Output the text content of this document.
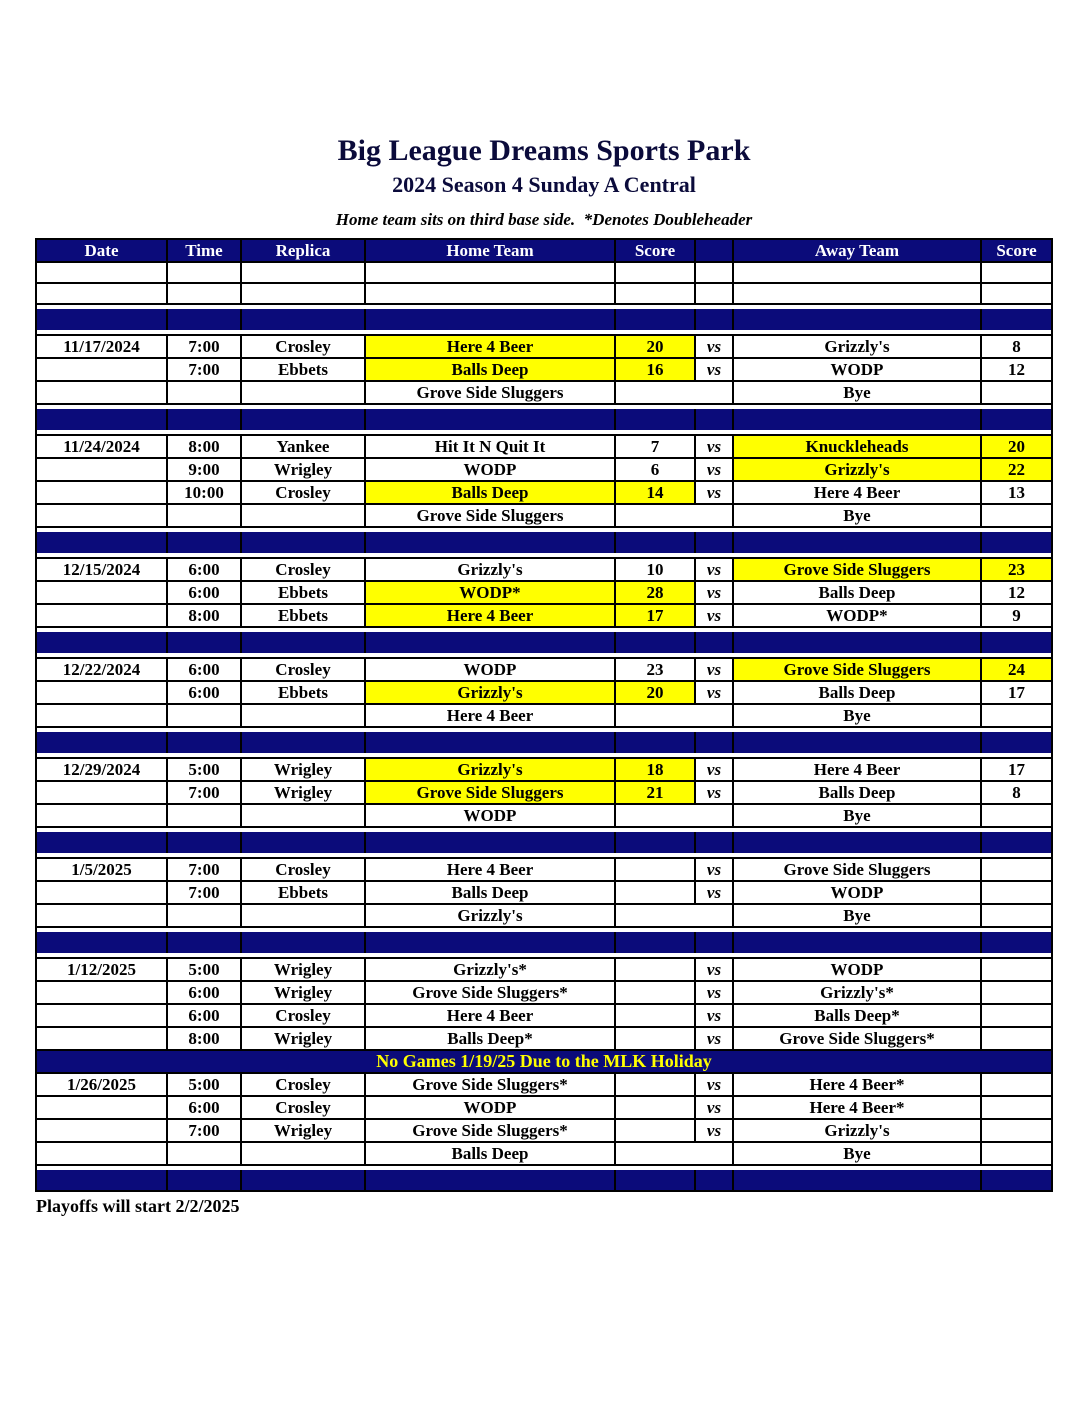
Big League Dreams Sports Park
2024 Season 4 Sunday A Central

Home team sits on third base side.  *Denotes Doubleheader

Date	Time	Replica	Home Team	Score		Away Team	Score

11/17/2024	7:00	Crosley	Here 4 Beer	20	vs	Grizzly's	8
	7:00	Ebbets	Balls Deep	16	vs	WODP	12
			Grove Side Sluggers			Bye	

11/24/2024	8:00	Yankee	Hit It N Quit It	7	vs	Knuckleheads	20
	9:00	Wrigley	WODP	6	vs	Grizzly's	22
	10:00	Crosley	Balls Deep	14	vs	Here 4 Beer	13
			Grove Side Sluggers			Bye	

12/15/2024	6:00	Crosley	Grizzly's	10	vs	Grove Side Sluggers	23
	6:00	Ebbets	WODP*	28	vs	Balls Deep	12
	8:00	Ebbets	Here 4 Beer	17	vs	WODP*	9

12/22/2024	6:00	Crosley	WODP	23	vs	Grove Side Sluggers	24
	6:00	Ebbets	Grizzly's	20	vs	Balls Deep	17
			Here 4 Beer			Bye	

12/29/2024	5:00	Wrigley	Grizzly's	18	vs	Here 4 Beer	17
	7:00	Wrigley	Grove Side Sluggers	21	vs	Balls Deep	8
			WODP			Bye	

1/5/2025	7:00	Crosley	Here 4 Beer		vs	Grove Side Sluggers	
	7:00	Ebbets	Balls Deep		vs	WODP	
			Grizzly's			Bye	

1/12/2025	5:00	Wrigley	Grizzly's*		vs	WODP	
	6:00	Wrigley	Grove Side Sluggers*		vs	Grizzly's*	
	6:00	Crosley	Here 4 Beer		vs	Balls Deep*	
	8:00	Wrigley	Balls Deep*		vs	Grove Side Sluggers*	
No Games 1/19/25 Due to the MLK Holiday							
1/26/2025	5:00	Crosley	Grove Side Sluggers*		vs	Here 4 Beer*	
	6:00	Crosley	WODP		vs	Here 4 Beer*	
	7:00	Wrigley	Grove Side Sluggers*		vs	Grizzly's	
			Balls Deep			Bye	

Playoffs will start 2/2/2025
